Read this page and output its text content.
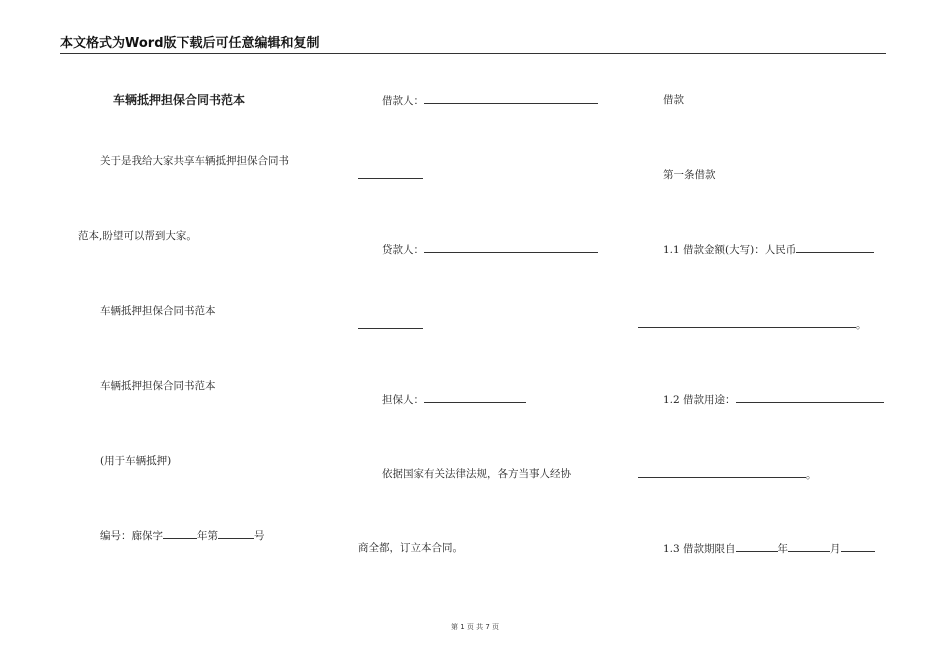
本文格式为Word版下载后可任意编辑和复制
车辆抵押担保合同书范本
关于是我给大家共享车辆抵押担保合同书
范本,盼望可以帮到大家。
车辆抵押担保合同书范本
车辆抵押担保合同书范本
(用于车辆抵押)
编号：廊保字	年第	号
借款人：
贷款人：
担保人：
依据国家有关法律法规，各方当事人经协
商全都，订立本合同。
借款
第一条借款
1.1 借款金额(大写)：人民币
。
1.2 借款用途：
。
1.3 借款期限自	年	月
第 1 页 共 7 页
